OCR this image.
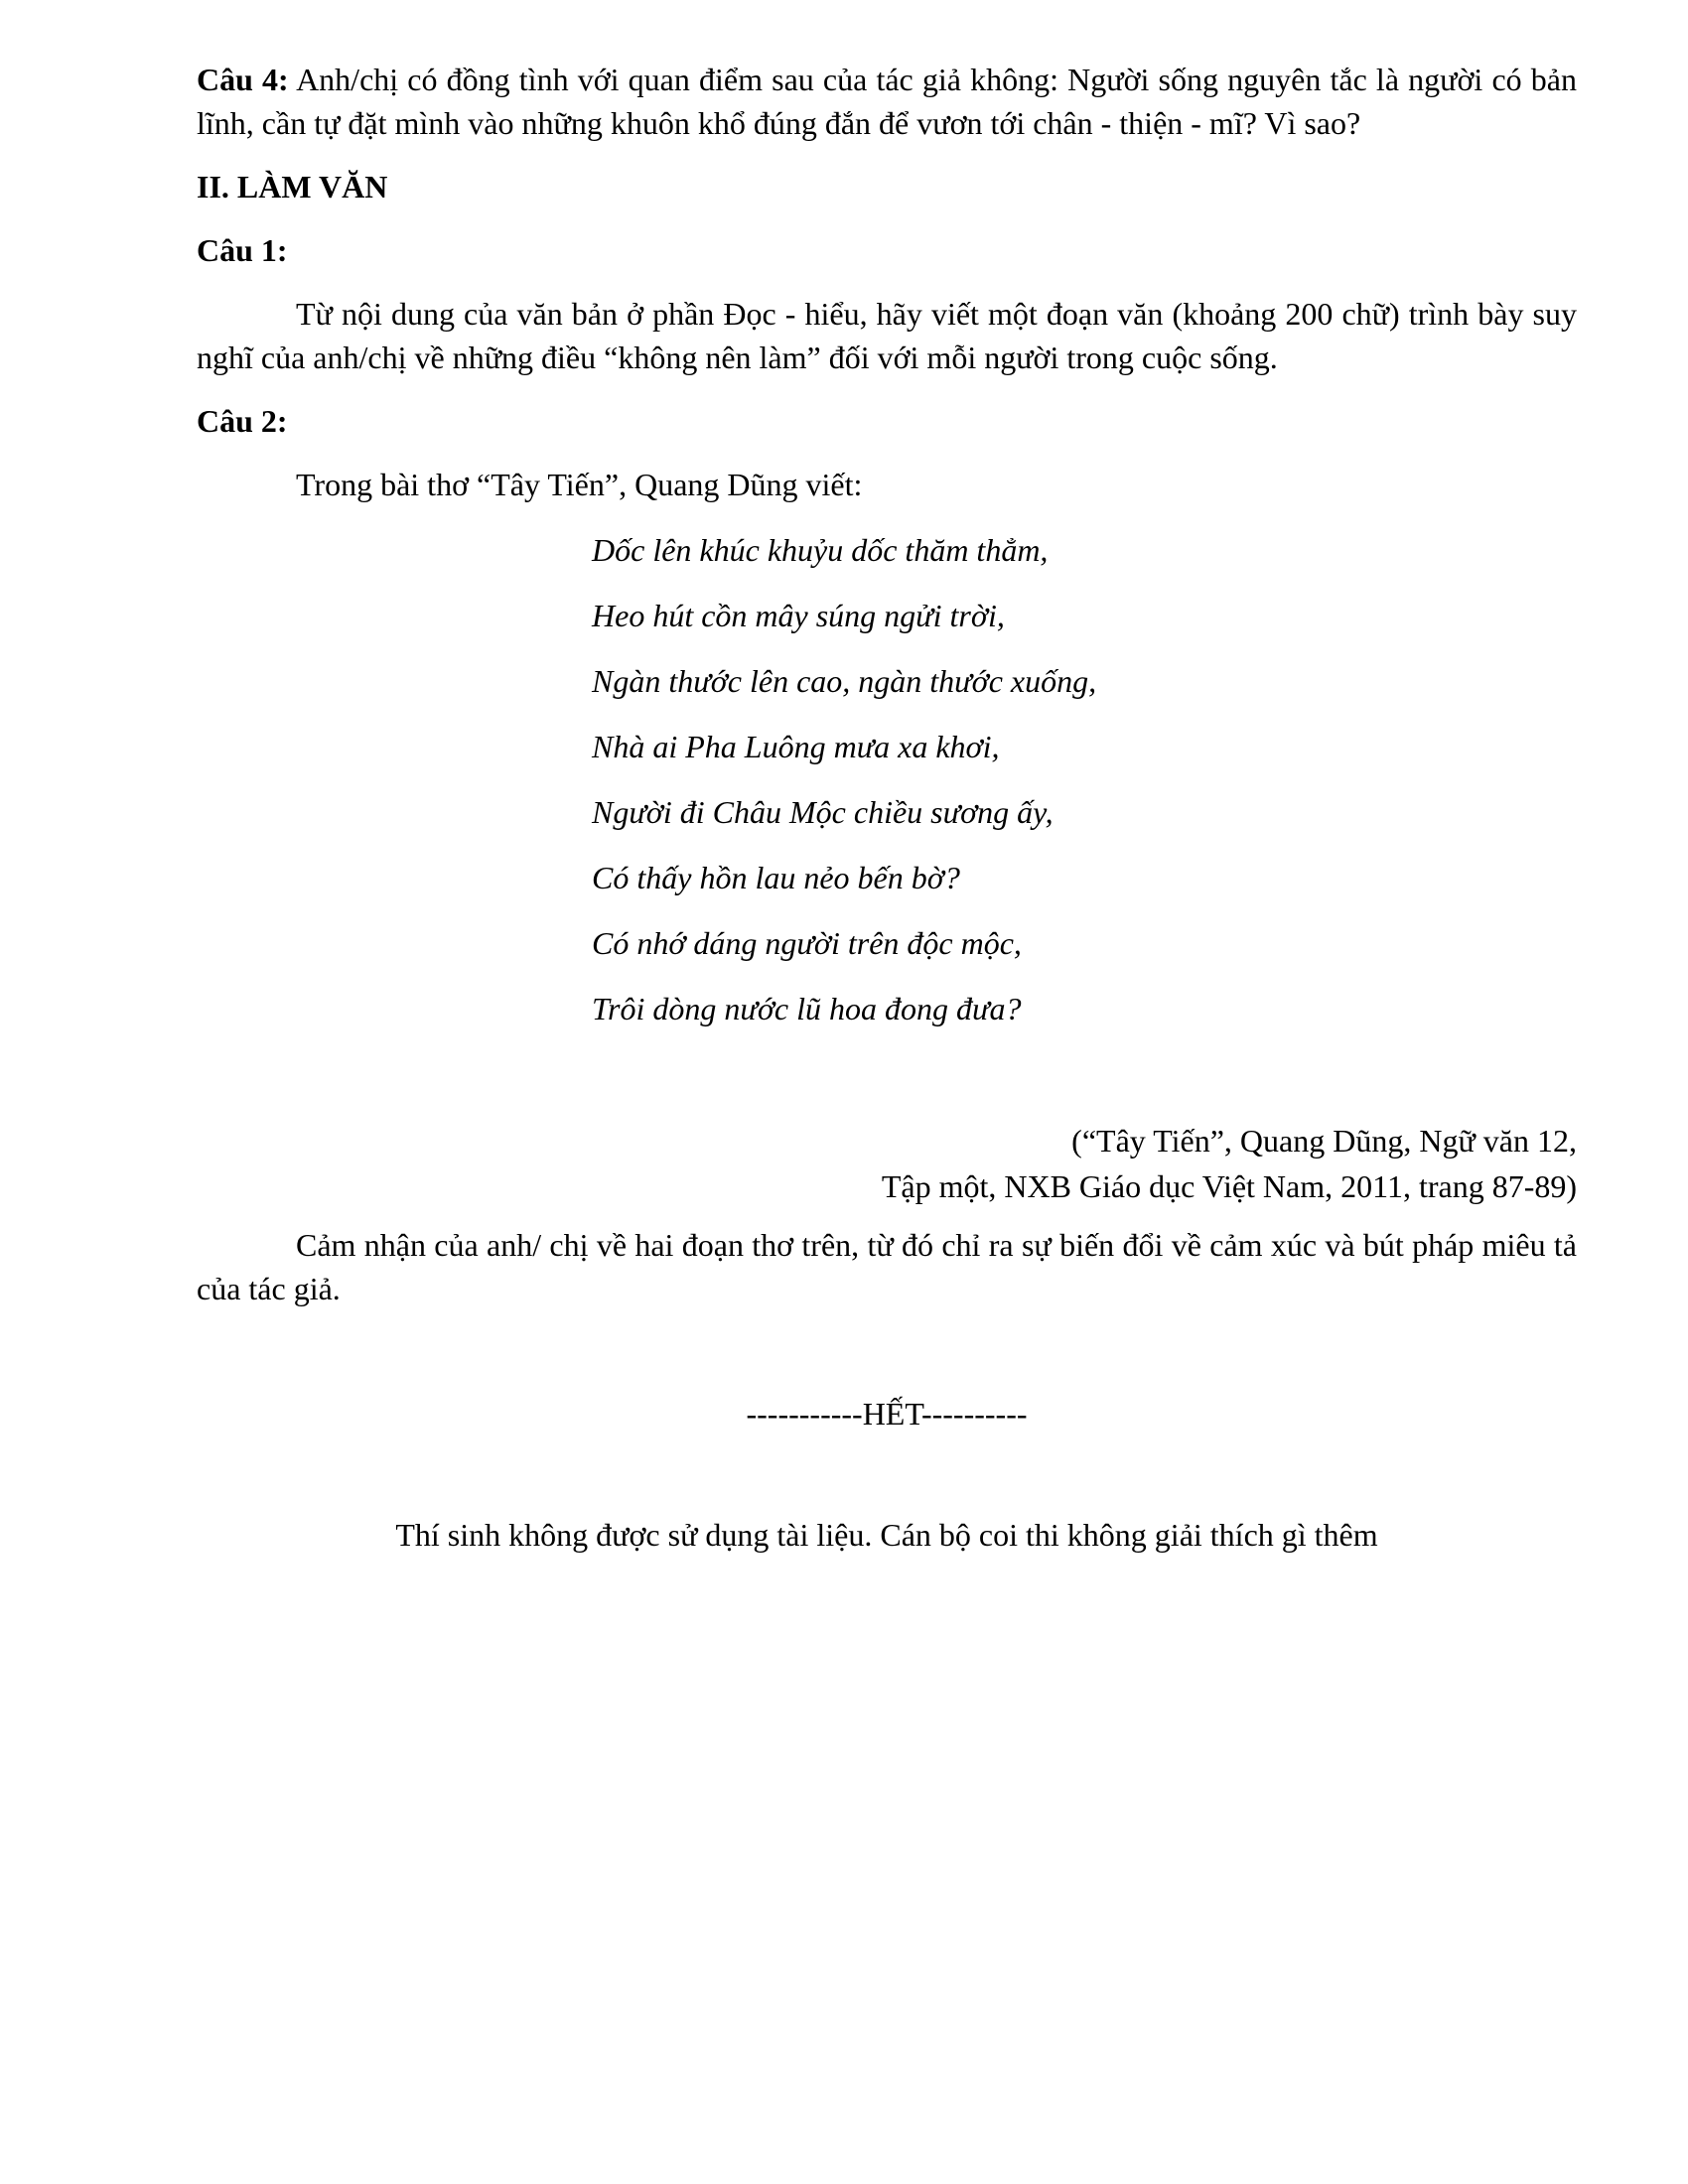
Câu 4: Anh/chị có đồng tình với quan điểm sau của tác giả không: Người sống nguyên tắc là người có bản lĩnh, cần tự đặt mình vào những khuôn khổ đúng đắn để vươn tới chân - thiện - mĩ? Vì sao?

II. LÀM VĂN

Câu 1:

Từ nội dung của văn bản ở phần Đọc - hiểu, hãy viết một đoạn văn (khoảng 200 chữ) trình bày suy nghĩ của anh/chị về những điều “không nên làm” đối với mỗi người trong cuộc sống.

Câu 2:

Trong bài thơ “Tây Tiến”, Quang Dũng viết:

Dốc lên khúc khuỷu dốc thăm thẳm,
Heo hút cồn mây súng ngửi trời,
Ngàn thước lên cao, ngàn thước xuống,
Nhà ai Pha Luông mưa xa khơi,
Người đi Châu Mộc chiều sương ấy,
Có thấy hồn lau nẻo bến bờ?
Có nhớ dáng người trên độc mộc,
Trôi dòng nước lũ hoa đong đưa?
(“Tây Tiến”, Quang Dũng, Ngữ văn 12,
Tập một, NXB Giáo dục Việt Nam, 2011, trang 87-89)

Cảm nhận của anh/ chị về hai đoạn thơ trên, từ đó chỉ ra sự biến đổi về cảm xúc và bút pháp miêu tả của tác giả.

-----------HẾT----------

Thí sinh không được sử dụng tài liệu. Cán bộ coi thi không giải thích gì thêm
